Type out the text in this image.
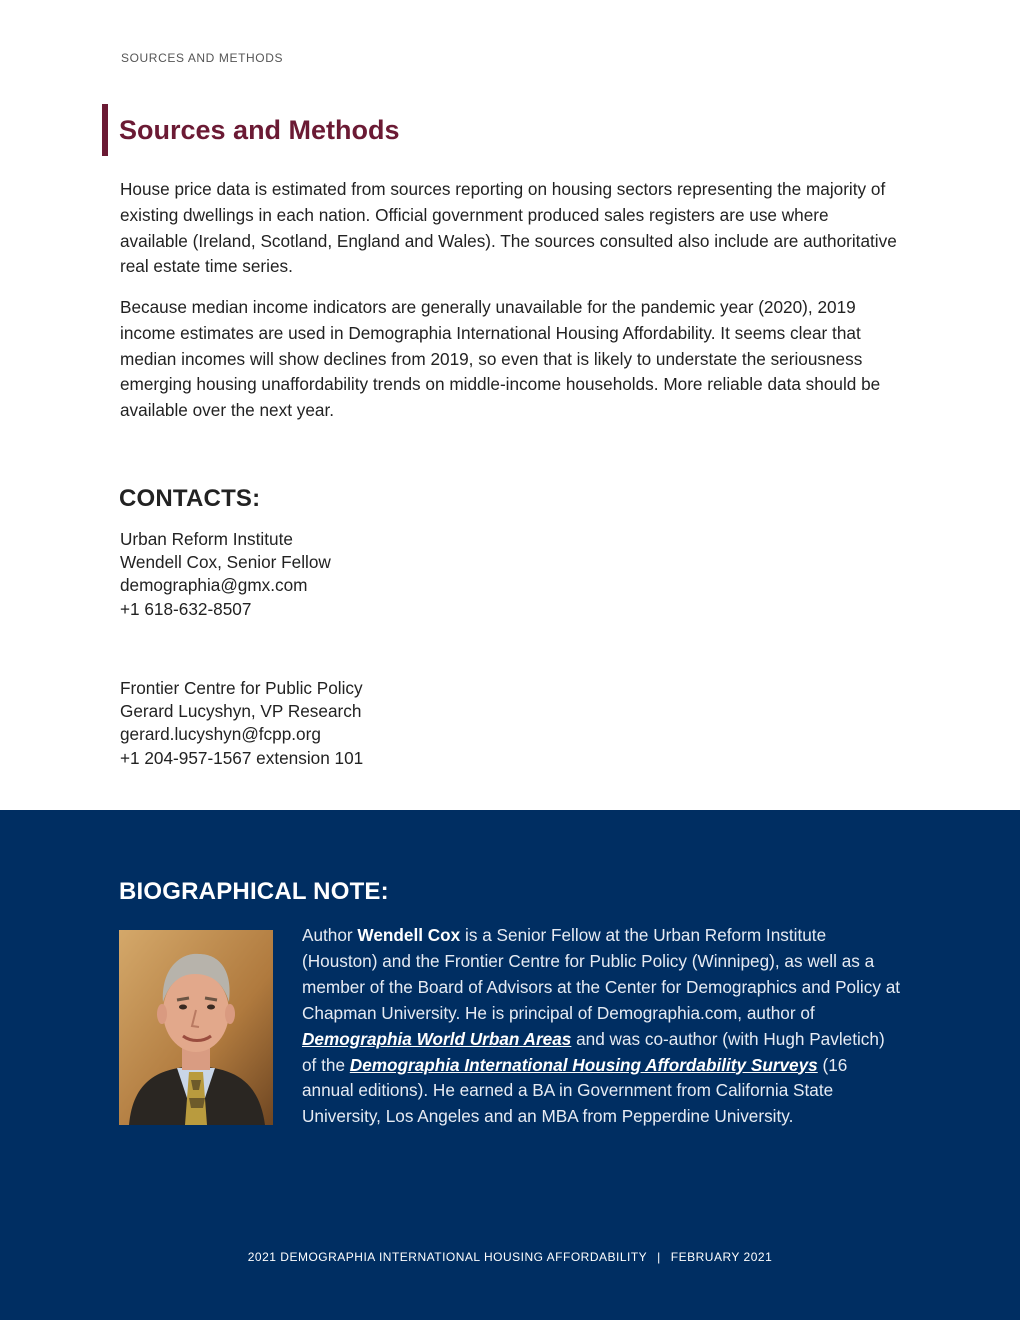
SOURCES AND METHODS
Sources and Methods

House price data is estimated from sources reporting on housing sectors representing the majority of existing dwellings in each nation. Official government produced sales registers are use where available (Ireland, Scotland, England and Wales). The sources consulted also include are authoritative real estate time series.

Because median income indicators are generally unavailable for the pandemic year (2020), 2019 income estimates are used in Demographia International Housing Affordability. It seems clear that median incomes will show declines from 2019, so even that is likely to understate the seriousness emerging housing unaffordability trends on middle-income households. More reliable data should be available over the next year.

CONTACTS:
Urban Reform Institute
Wendell Cox, Senior Fellow
demographia@gmx.com
+1 618-632-8507
Frontier Centre for Public Policy
Gerard Lucyshyn, VP Research
gerard.lucyshyn@fcpp.org
+1 204-957-1567 extension 101
BIOGRAPHICAL NOTE:

Author Wendell Cox is a Senior Fellow at the Urban Reform Institute (Houston) and the Frontier Centre for Public Policy (Winnipeg), as well as a member of the Board of Advisors at the Center for Demographics and Policy at Chapman University. He is principal of Demographia.com, author of Demographia World Urban Areas and was co-author (with Hugh Pavletich) of the Demographia International Housing Affordability Surveys (16 annual editions). He earned a BA in Government from California State University, Los Angeles and an MBA from Pepperdine University.

2021 DEMOGRAPHIA INTERNATIONAL HOUSING AFFORDABILITY | FEBRUARY 2021
